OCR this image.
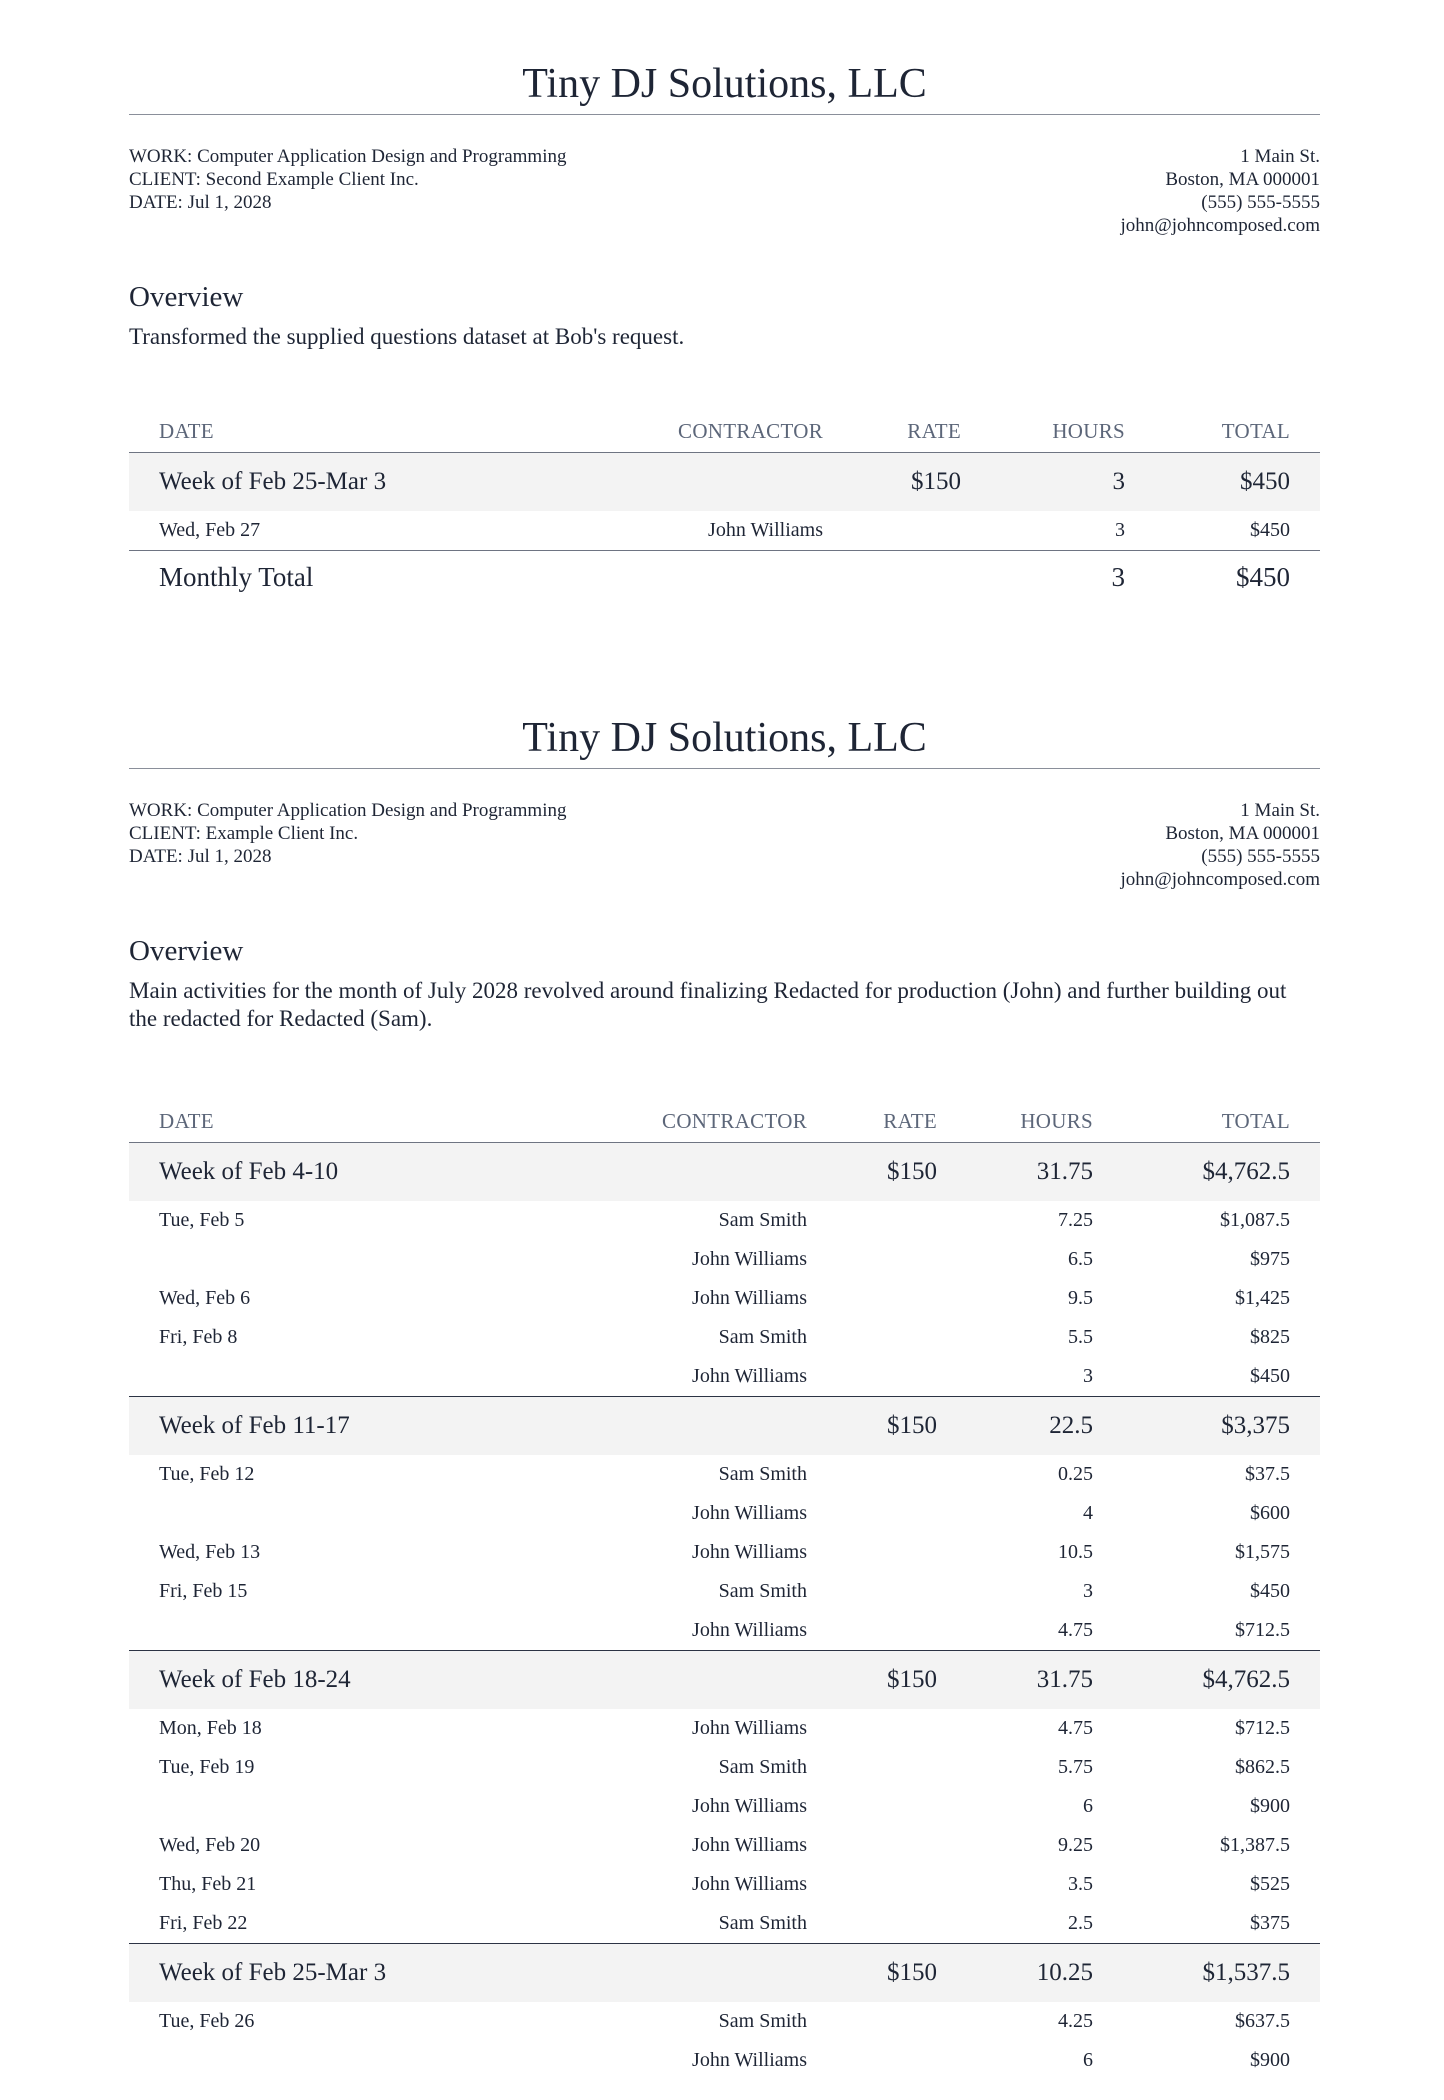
Tiny DJ Solutions, LLC
WORK: Computer Application Design and Programming
CLIENT: Second Example Client Inc.
DATE: Jul 1, 2028
1 Main St.
Boston, MA 000001
(555) 555-5555
john@johncomposed.com
Overview

Transformed the supplied questions dataset at Bob's request.

DATE	CONTRACTOR	RATE	HOURS	TOTAL
Week of Feb 25-Mar 3		$150	3	$450
Wed, Feb 27	John Williams		3	$450
Monthly Total			3	$450
Tiny DJ Solutions, LLC
WORK: Computer Application Design and Programming
CLIENT: Example Client Inc.
DATE: Jul 1, 2028
1 Main St.
Boston, MA 000001
(555) 555-5555
john@johncomposed.com
Overview

Main activities for the month of July 2028 revolved around finalizing Redacted for production (John) and further building out the redacted for Redacted (Sam).

DATE	CONTRACTOR	RATE	HOURS	TOTAL
Week of Feb 4-10		$150	31.75	$4,762.5
Tue, Feb 5	Sam Smith		7.25	$1,087.5
	John Williams		6.5	$975
Wed, Feb 6	John Williams		9.5	$1,425
Fri, Feb 8	Sam Smith		5.5	$825
	John Williams		3	$450
Week of Feb 11-17		$150	22.5	$3,375
Tue, Feb 12	Sam Smith		0.25	$37.5
	John Williams		4	$600
Wed, Feb 13	John Williams		10.5	$1,575
Fri, Feb 15	Sam Smith		3	$450
	John Williams		4.75	$712.5
Week of Feb 18-24		$150	31.75	$4,762.5
Mon, Feb 18	John Williams		4.75	$712.5
Tue, Feb 19	Sam Smith		5.75	$862.5
	John Williams		6	$900
Wed, Feb 20	John Williams		9.25	$1,387.5
Thu, Feb 21	John Williams		3.5	$525
Fri, Feb 22	Sam Smith		2.5	$375
Week of Feb 25-Mar 3		$150	10.25	$1,537.5
Tue, Feb 26	Sam Smith		4.25	$637.5
	John Williams		6	$900
